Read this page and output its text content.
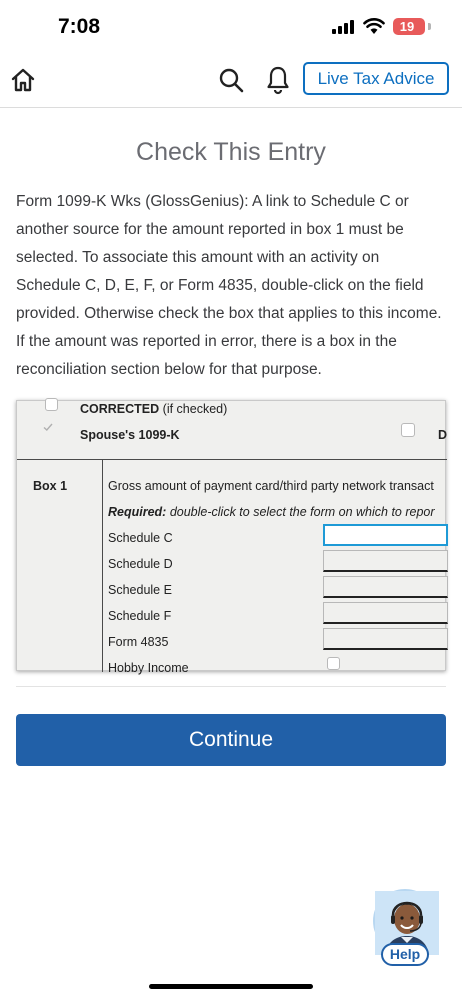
7:08	19
Live Tax Advice
Check This Entry

Form 1099-K Wks (GlossGenius): A link to Schedule C or another source for the amount reported in box 1 must be selected. To associate this amount with an activity on Schedule C, D, E, F, or Form 4835, double-click on the field provided. Otherwise check the box that applies to this income. If the amount was reported in error, there is a box in the reconciliation section below for that purpose.

CORRECTED (if checked)
Spouse's 1099-K	D
Box 1	Gross amount of payment card/third party network transact
Required: double-click to select the form on which to repor
Schedule C
Schedule D
Schedule E
Schedule F
Form 4835
Hobby Income
Continue
Help
